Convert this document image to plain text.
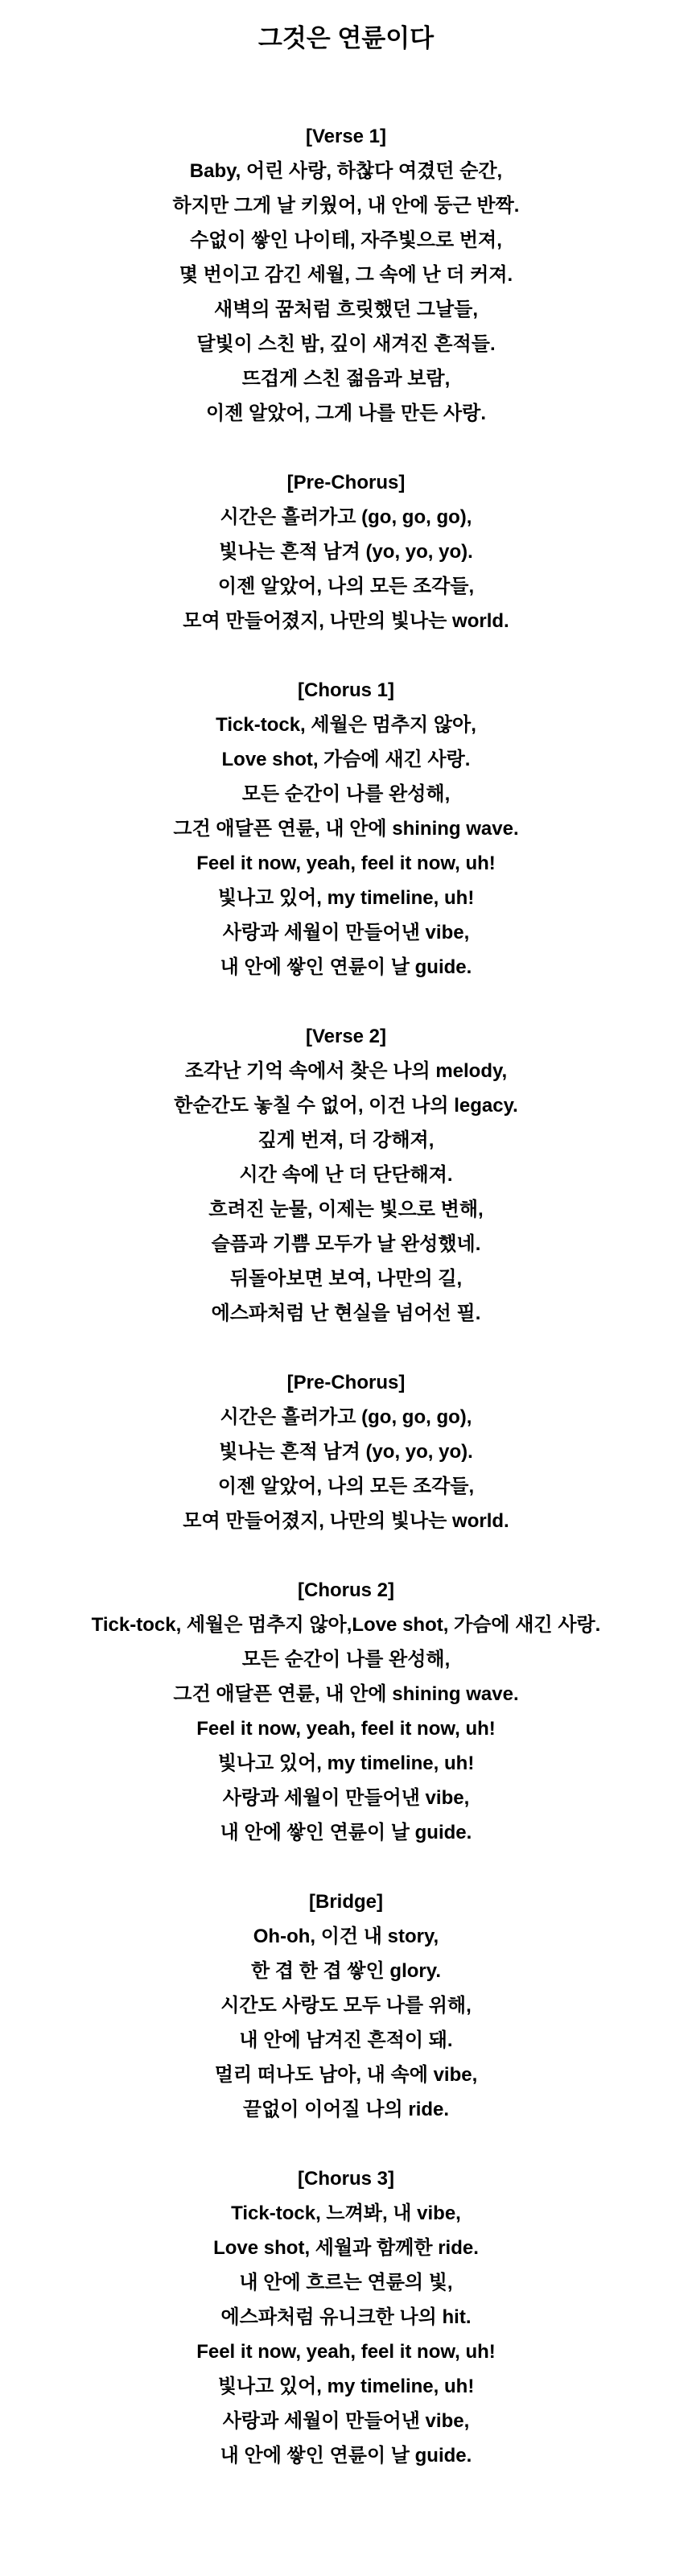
그것은 연륜이다

[Verse 1]

Baby, 어린 사랑, 하찮다 여겼던 순간,

하지만 그게 날 키웠어, 내 안에 둥근 반짝.

수없이 쌓인 나이테, 자주빛으로 번져,

몇 번이고 감긴 세월, 그 속에 난 더 커져.

새벽의 꿈처럼 흐릿했던 그날들,

달빛이 스친 밤, 깊이 새겨진 흔적들.

뜨겁게 스친 젊음과 보람,

이젠 알았어, 그게 나를 만든 사랑.

[Pre-Chorus]

시간은 흘러가고 (go, go, go),

빛나는 흔적 남겨 (yo, yo, yo).

이젠 알았어, 나의 모든 조각들,

모여 만들어졌지, 나만의 빛나는 world.

[Chorus 1]

Tick-tock, 세월은 멈추지 않아,

Love shot, 가슴에 새긴 사랑.

모든 순간이 나를 완성해,

그건 애달픈 연륜, 내 안에 shining wave.

Feel it now, yeah, feel it now, uh!

빛나고 있어, my timeline, uh!

사랑과 세월이 만들어낸 vibe,

내 안에 쌓인 연륜이 날 guide.

[Verse 2]

조각난 기억 속에서 찾은 나의 melody,

한순간도 놓칠 수 없어, 이건 나의 legacy.

깊게 번져, 더 강해져,

시간 속에 난 더 단단해져.

흐려진 눈물, 이제는 빛으로 변해,

슬픔과 기쁨 모두가 날 완성했네.

뒤돌아보면 보여, 나만의 길,

에스파처럼 난 현실을 넘어선 필.

[Pre-Chorus]

시간은 흘러가고 (go, go, go),

빛나는 흔적 남겨 (yo, yo, yo).

이젠 알았어, 나의 모든 조각들,

모여 만들어졌지, 나만의 빛나는 world.

[Chorus 2]

Tick-tock, 세월은 멈추지 않아,Love shot, 가슴에 새긴 사랑.

모든 순간이 나를 완성해,

그건 애달픈 연륜, 내 안에 shining wave.

Feel it now, yeah, feel it now, uh!

빛나고 있어, my timeline, uh!

사랑과 세월이 만들어낸 vibe,

내 안에 쌓인 연륜이 날 guide.

[Bridge]

Oh-oh, 이건 내 story,

한 겹 한 겹 쌓인 glory.

시간도 사랑도 모두 나를 위해,

내 안에 남겨진 흔적이 돼.

멀리 떠나도 남아, 내 속에 vibe,

끝없이 이어질 나의 ride.

[Chorus 3]

Tick-tock, 느껴봐, 내 vibe,

Love shot, 세월과 함께한 ride.

내 안에 흐르는 연륜의 빛,

에스파처럼 유니크한 나의 hit.

Feel it now, yeah, feel it now, uh!

빛나고 있어, my timeline, uh!

사랑과 세월이 만들어낸 vibe,

내 안에 쌓인 연륜이 날 guide.
